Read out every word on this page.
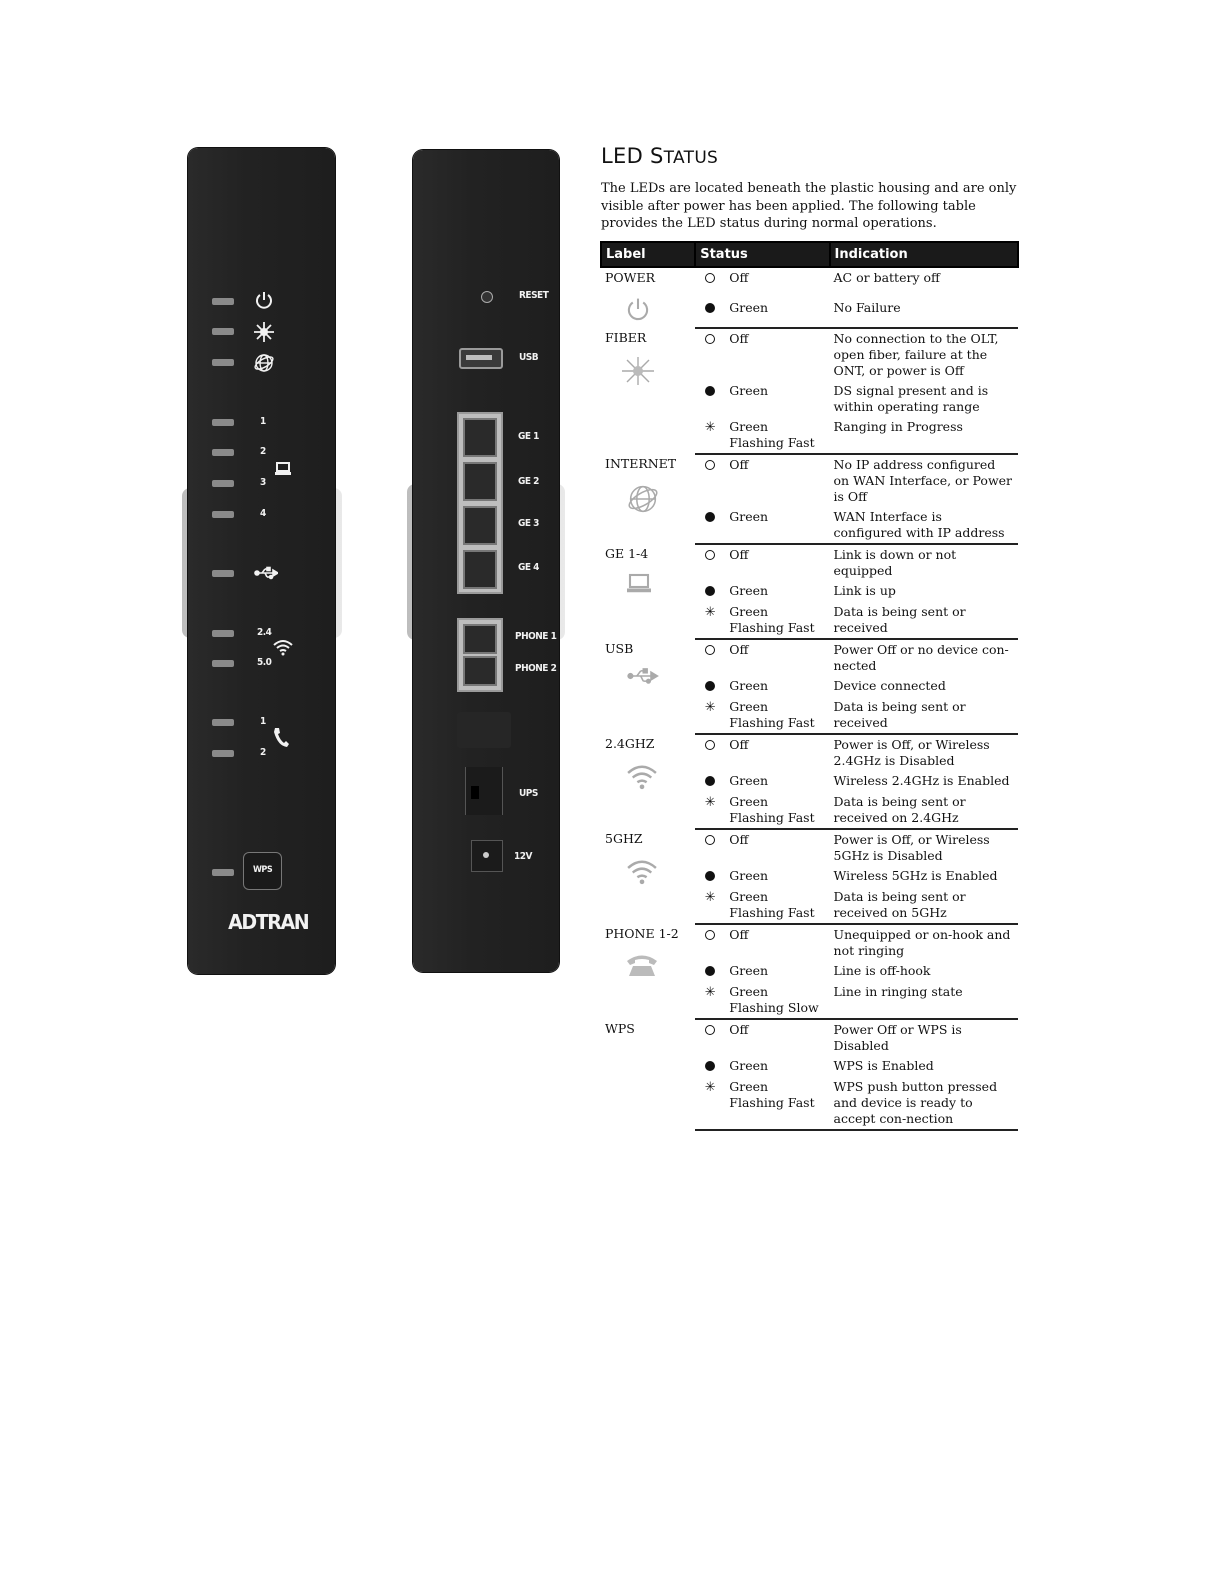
1
2
3
4
2.4
5.0
1
2
WPS
ADTRAN
RESET
USB
GE 1
GE 2
GE 3
GE 4
PHONE 1
PHONE 2
UPS
12V
LED STATUS
The LEDs are located beneath the plastic housing and are only visible after power has been applied. The following table provides the LED status during normal operations.
Label	Status		Indication

POWER		Off	AC or battery off
		Green	No Failure

FIBER		Off	No connection to the OLT, open fiber, failure at the ONT, or power is Off
		Green	DS signal present and is within operating range
	✳	Green Flashing Fast	Ranging in Progress

INTERNET		Off	No IP address configured on WAN Interface, or Power is Off
		Green	WAN Interface is configured with IP address

GE 1-4		Off	Link is down or not equipped
		Green	Link is up
	✳	Green Flashing Fast	Data is being sent or received

USB		Off	Power Off or no device con-nected
		Green	Device connected
	✳	Green Flashing Fast	Data is being sent or received

2.4GHZ		Off	Power is Off, or Wireless 2.4GHz is Disabled
		Green	Wireless 2.4GHz is Enabled
	✳	Green Flashing Fast	Data is being sent or received on 2.4GHz

5GHZ		Off	Power is Off, or Wireless 5GHz is Disabled
		Green	Wireless 5GHz is Enabled
	✳	Green Flashing Fast	Data is being sent or received on 5GHz

PHONE 1-2		Off	Unequipped or on-hook and not ringing
		Green	Line is off-hook
	✳	Green Flashing Slow	Line in ringing state

WPS		Off	Power Off or WPS is Disabled
		Green	WPS is Enabled
	✳	Green Flashing Fast	WPS push button pressed and device is ready to accept con-nection
